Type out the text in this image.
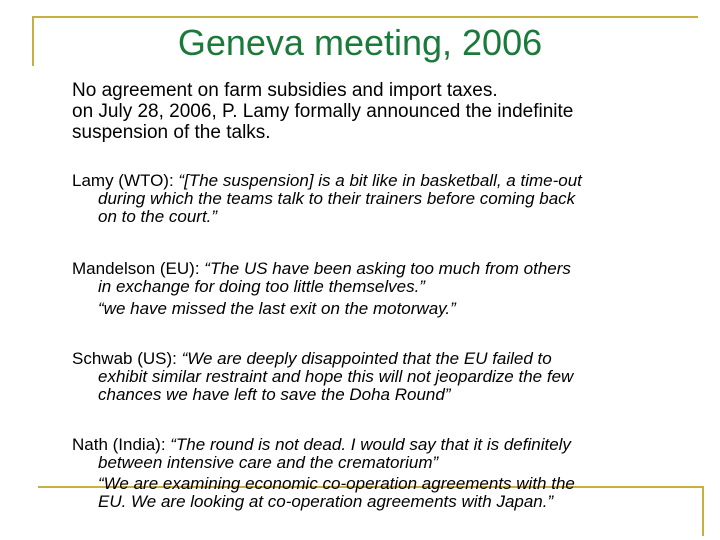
Geneva meeting, 2006
No agreement on farm subsidies and import taxes.
on July 28, 2006, P. Lamy formally announced the indefinite
suspension of the talks.
Lamy (WTO): “[The suspension] is a bit like in basketball, a time-out
during which the teams talk to their trainers before coming back
on to the court.”
Mandelson (EU): “The US have been asking too much from others
in exchange for doing too little themselves.”
“we have missed the last exit on the motorway.”
Schwab (US): “We are deeply disappointed that the EU failed to
exhibit similar restraint and hope this will not jeopardize the few
chances we have left to save the Doha Round”
Nath (India): “The round is not dead. I would say that it is definitely
between intensive care and the crematorium”
“We are examining economic co-operation agreements with the
EU. We are looking at co-operation agreements with Japan.”
